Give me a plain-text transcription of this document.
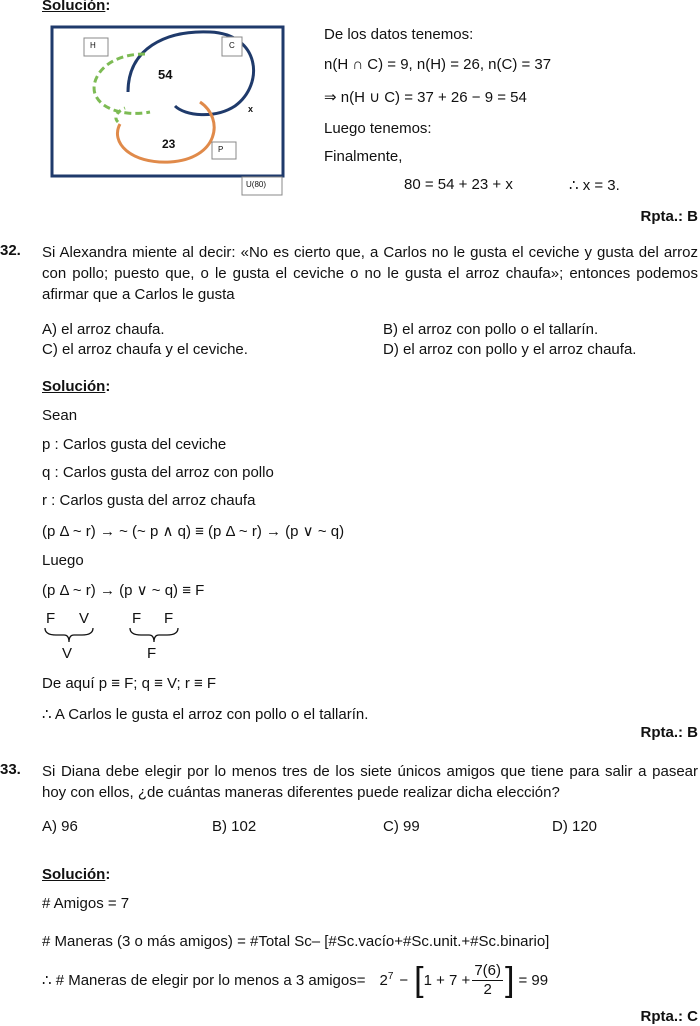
Solución:
H	C
P
U(80)
54
23
x
De los datos tenemos:
n(H ∩ C) = 9, n(H) = 26, n(C) = 37
⇒ n(H ∪ C) = 37 + 26 − 9 = 54
Luego tenemos:
Finalmente,
80 = 54 + 23 + x	∴ x = 3.
Rpta.: B
32. Si Alexandra miente al decir: «No es cierto que, a Carlos no le gusta el ceviche y gusta del arroz con pollo; puesto que, o le gusta el ceviche o no le gusta el arroz chaufa»; entonces podemos afirmar que a Carlos le gusta
A) el arroz chaufa.	B) el arroz con pollo o el tallarín.
C) el arroz chaufa y el ceviche.	D) el arroz con pollo y el arroz chaufa.
Solución:
Sean
p : Carlos gusta del ceviche
q : Carlos gusta del arroz con pollo
r : Carlos gusta del arroz chaufa
(p Δ ~ r) → ~ (~ p ∧ q) ≡ (p Δ ~ r) → (p ∨ ~ q)
Luego
(p Δ ~ r) → (p ∨ ~ q) ≡ F
F V
V
F F
F
De aquí p ≡ F; q ≡ V; r ≡ F
∴ A Carlos le gusta el arroz con pollo o el tallarín.
Rpta.: B
33. Si Diana debe elegir por lo menos tres de los siete únicos amigos que tiene para salir a pasear hoy con ellos, ¿de cuántas maneras diferentes puede realizar dicha elección?
A) 96	B) 102	C) 99	D) 120
Solución:
# Amigos = 7
# Maneras (3 o más amigos) = #Total Sc– [#Sc.vacío+#Sc.unit.+#Sc.binario]
∴ # Maneras de elegir por lo menos a 3 amigos= $2^7$ − [ $1 + 7 + \frac{7(6)}{2}$ ] = 99
Rpta.: C
